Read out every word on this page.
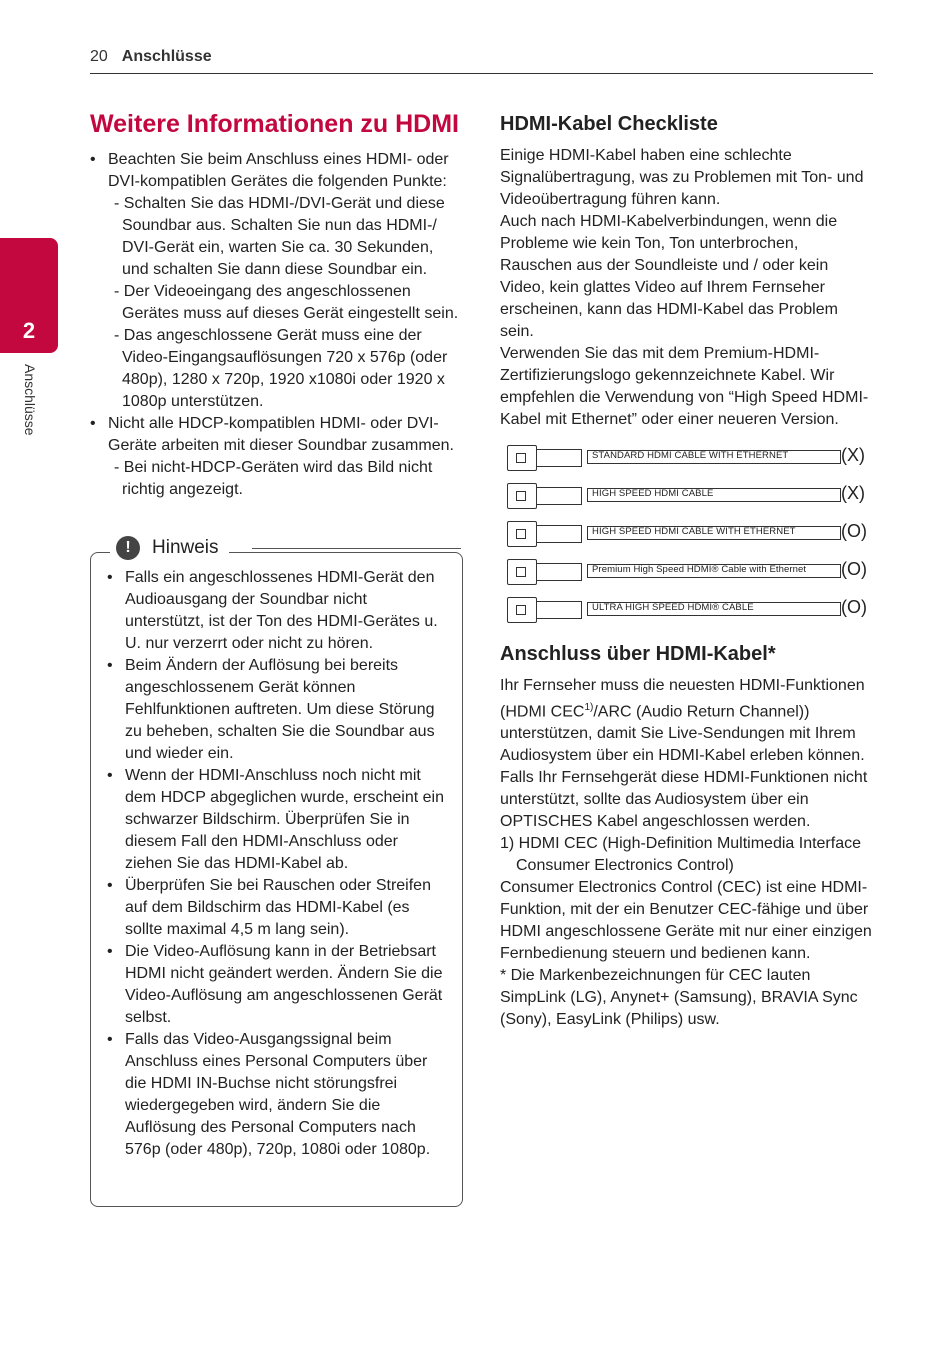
20 Anschlüsse
2
Anschlüsse
Weitere Informationen zu HDMI

• Beachten Sie beim Anschluss eines HDMI- oder DVI-kompatiblen Gerätes die folgenden Punkte:

- Schalten Sie das HDMI-/DVI-Gerät und diese Soundbar aus. Schalten Sie nun das HDMI-/ DVI-Gerät ein, warten Sie ca. 30 Sekunden, und schalten Sie dann diese Soundbar ein.

- Der Videoeingang des angeschlossenen Gerätes muss auf dieses Gerät eingestellt sein.

- Das angeschlossene Gerät muss eine der Video-Eingangsauflösungen 720 x 576p (oder 480p), 1280 x 720p, 1920 x1080i oder 1920 x 1080p unterstützen.

• Nicht alle HDCP-kompatiblen HDMI- oder DVI-Geräte arbeiten mit dieser Soundbar zusammen.

- Bei nicht-HDCP-Geräten wird das Bild nicht richtig angezeigt.

!	Hinweis

• Falls ein angeschlossenes HDMI-Gerät den Audioausgang der Soundbar nicht unterstützt, ist der Ton des HDMI-Gerätes u. U. nur verzerrt oder nicht zu hören.

• Beim Ändern der Auflösung bei bereits angeschlossenem Gerät können Fehlfunktionen auftreten. Um diese Störung zu beheben, schalten Sie die Soundbar aus und wieder ein.

• Wenn der HDMI-Anschluss noch nicht mit dem HDCP abgeglichen wurde, erscheint ein schwarzer Bildschirm. Überprüfen Sie in diesem Fall den HDMI-Anschluss oder ziehen Sie das HDMI-Kabel ab.

• Überprüfen Sie bei Rauschen oder Streifen auf dem Bildschirm das HDMI-Kabel (es sollte maximal 4,5 m lang sein).

• Die Video-Auflösung kann in der Betriebsart HDMI nicht geändert werden. Ändern Sie die Video-Auflösung am angeschlossenen Gerät selbst.

• Falls das Video-Ausgangssignal beim Anschluss eines Personal Computers über die HDMI IN-Buchse nicht störungsfrei wiedergegeben wird, ändern Sie die Auflösung des Personal Computers nach 576p (oder 480p), 720p, 1080i oder 1080p.

HDMI-Kabel Checkliste

Einige HDMI-Kabel haben eine schlechte Signalübertragung, was zu Problemen mit Ton- und Videoübertragung führen kann.

Auch nach HDMI-Kabelverbindungen, wenn die Probleme wie kein Ton, Ton unterbrochen, Rauschen aus der Soundleiste und / oder kein Video, kein glattes Video auf Ihrem Fernseher erscheinen, kann das HDMI-Kabel das Problem sein.

Verwenden Sie das mit dem Premium-HDMI-Zertifizierungslogo gekennzeichnete Kabel. Wir empfehlen die Verwendung von “High Speed HDMI-Kabel mit Ethernet” oder einer neueren Version.

STANDARD HDMI CABLE WITH ETHERNET	(X)
HIGH SPEED HDMI CABLE	(X)
HIGH SPEED HDMI CABLE WITH ETHERNET	(O)
Premium High Speed HDMI® Cable with Ethernet (O)
ULTRA HIGH SPEED HDMI® CABLE	(O)
Anschluss über HDMI-Kabel*

Ihr Fernseher muss die neuesten HDMI-Funktionen (HDMI CEC$^{1)}$/ARC (Audio Return Channel)) unterstützen, damit Sie Live-Sendungen mit Ihrem Audiosystem über ein HDMI-Kabel erleben können. Falls Ihr Fernsehgerät diese HDMI-Funktionen nicht unterstützt, sollte das Audiosystem über ein OPTISCHES Kabel angeschlossen werden.

1) HDMI CEC (High-Definition Multimedia Interface Consumer Electronics Control)

Consumer Electronics Control (CEC) ist eine HDMI-Funktion, mit der ein Benutzer CEC-fähige und über HDMI angeschlossene Geräte mit nur einer einzigen Fernbedienung steuern und bedienen kann.

* Die Markenbezeichnungen für CEC lauten SimpLink (LG), Anynet+ (Samsung), BRAVIA Sync (Sony), EasyLink (Philips) usw.
